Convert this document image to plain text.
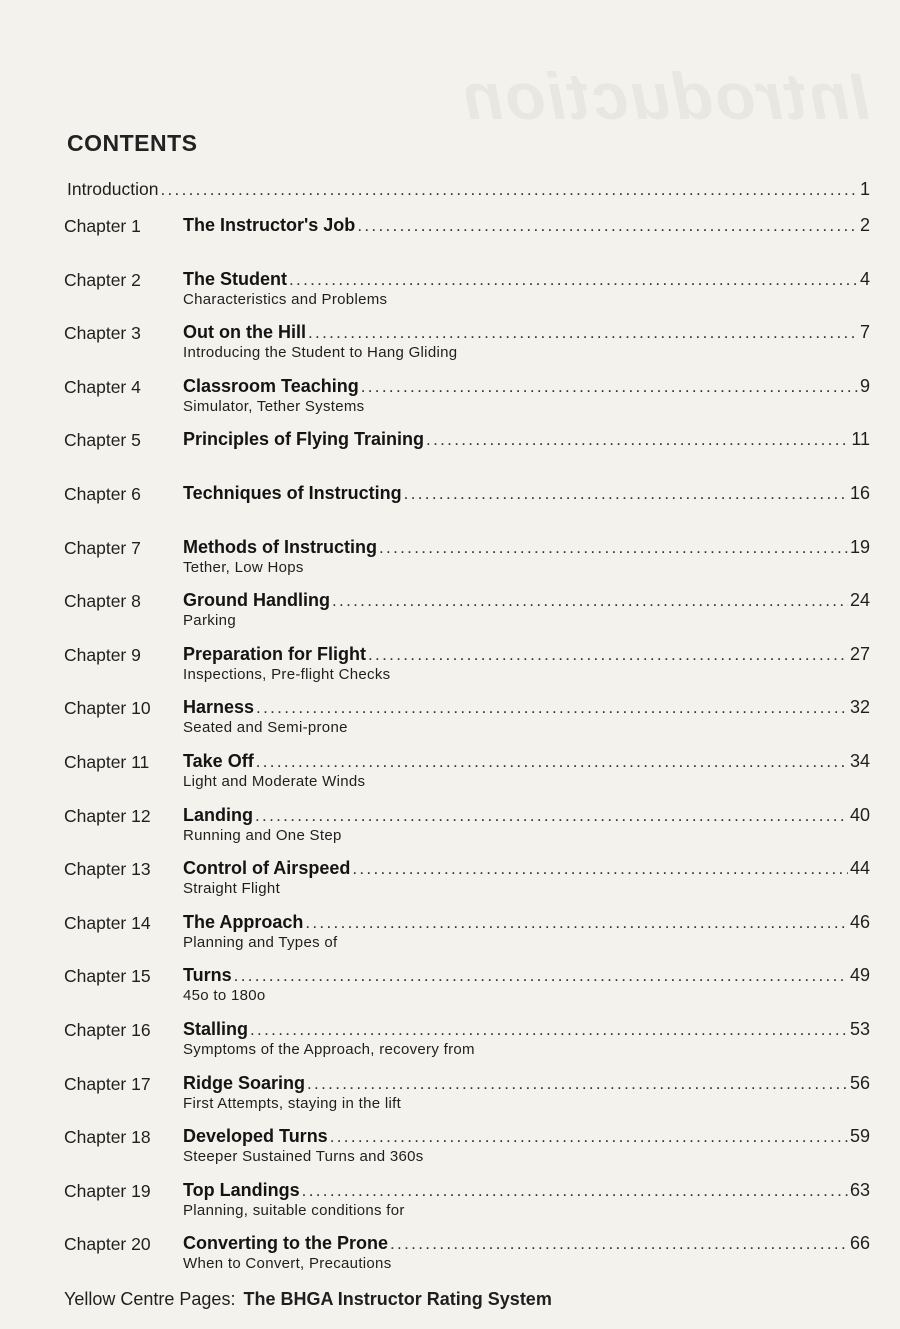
CONTENTS
Introduction . . .	1
Chapter 1	The Instructor's Job . . .	2
Chapter 2	The Student . . .	4
Characteristics and Problems
Chapter 3	Out on the Hill . . .	7
Introducing the Student to Hang Gliding
Chapter 4	Classroom Teaching . . .	9
Simulator, Tether Systems
Chapter 5	Principles of Flying Training . . .	11
Chapter 6	Techniques of Instructing . . .	16
Chapter 7	Methods of Instructing . . .	19
Tether, Low Hops
Chapter 8	Ground Handling . . .	24
Parking
Chapter 9	Preparation for Flight . . .	27
Inspections, Pre-flight Checks
Chapter 10	Harness . . .	32
Seated and Semi-prone
Chapter 11	Take Off . . .	34
Light and Moderate Winds
Chapter 12	Landing . . .	40
Running and One Step
Chapter 13	Control of Airspeed . . .	44
Straight Flight
Chapter 14	The Approach . . .	46
Planning and Types of
Chapter 15	Turns . . .	49
45o to 180o
Chapter 16	Stalling . . .	53
Symptoms of the Approach, recovery from
Chapter 17	Ridge Soaring . . .	56
First Attempts, staying in the lift
Chapter 18	Developed Turns . . .	59
Steeper Sustained Turns and 360s
Chapter 19	Top Landings . . .	63
Planning, suitable conditions for
Chapter 20	Converting to the Prone . . .	66
When to Convert, Precautions
Yellow Centre Pages: The BHGA Instructor Rating System
